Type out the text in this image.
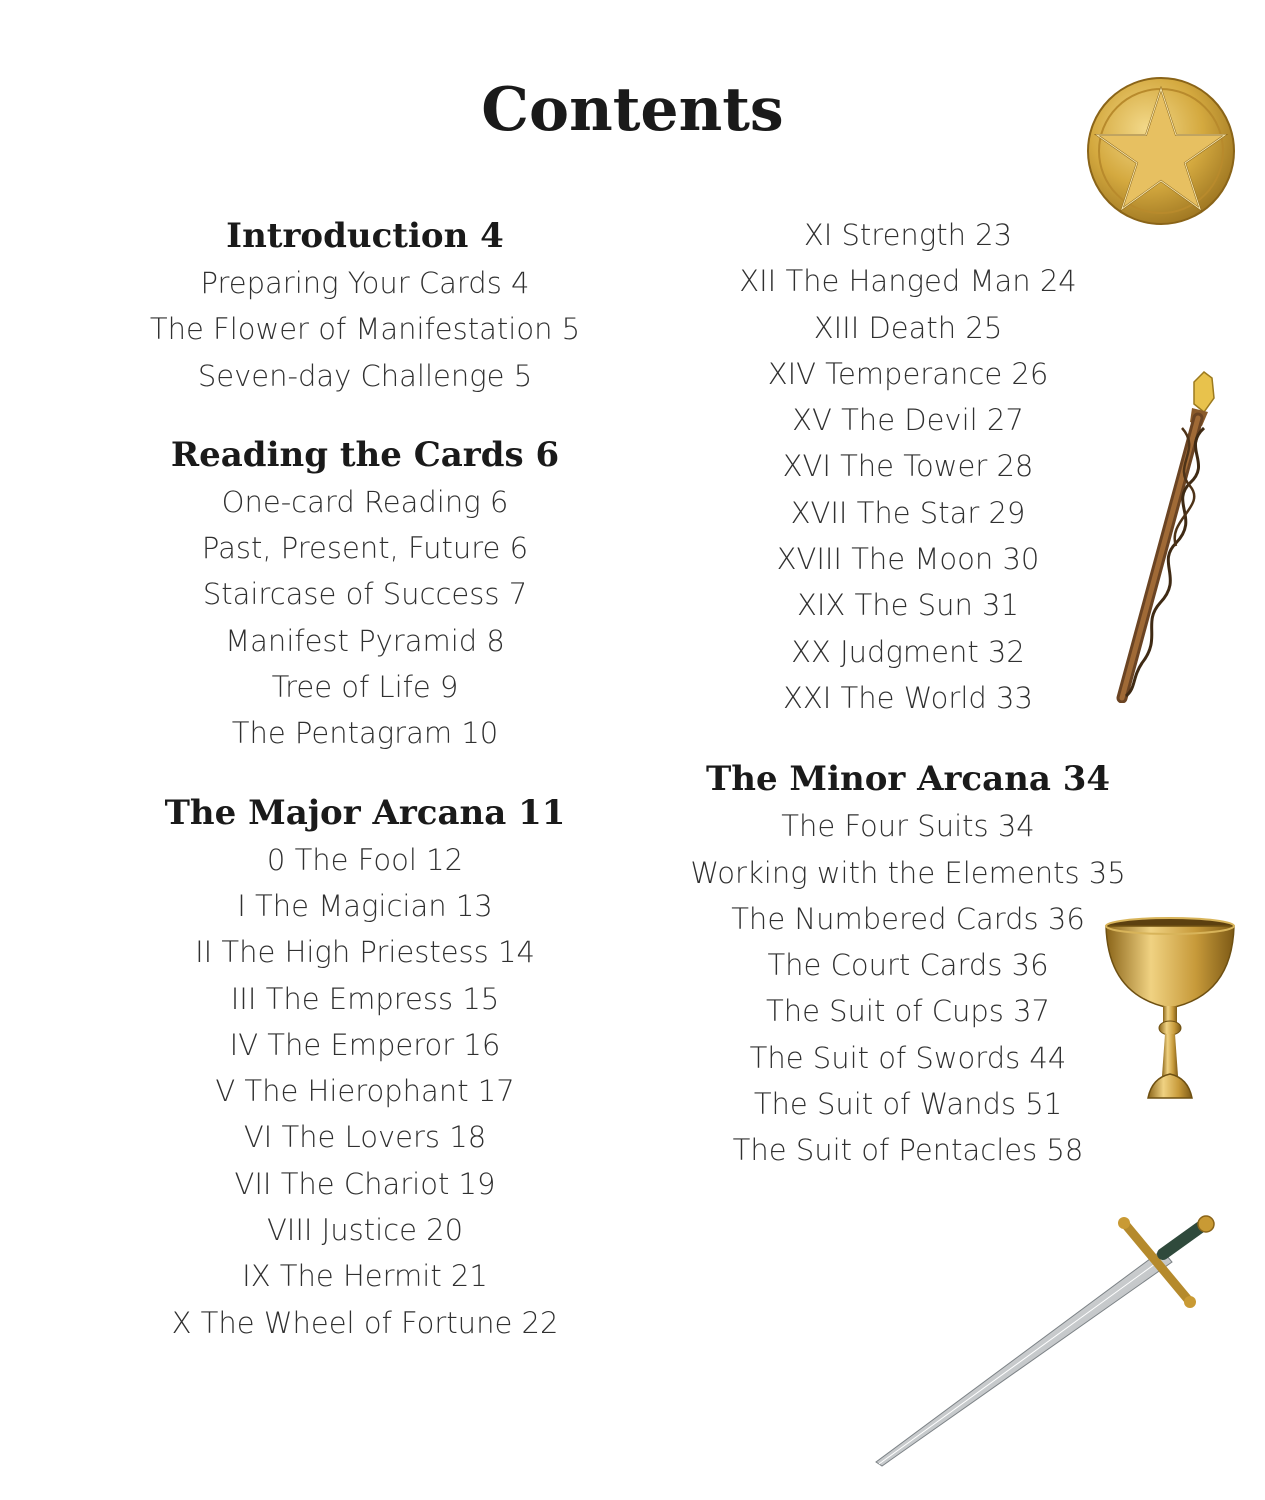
Contents
Introduction 4
Preparing Your Cards 4
The Flower of Manifestation 5
Seven-day Challenge 5
Reading the Cards 6
One-card Reading 6
Past, Present, Future 6
Staircase of Success 7
Manifest Pyramid 8
Tree of Life 9
The Pentagram 10
The Major Arcana 11
0 The Fool 12
I The Magician 13
II The High Priestess 14
III The Empress 15
IV The Emperor 16
V The Hierophant 17
VI The Lovers 18
VII The Chariot 19
VIII Justice 20
IX The Hermit 21
X The Wheel of Fortune 22
XI Strength 23
XII The Hanged Man 24
XIII Death 25
XIV Temperance 26
XV The Devil 27
XVI The Tower 28
XVII The Star 29
XVIII The Moon 30
XIX The Sun 31
XX Judgment 32
XXI The World 33
The Minor Arcana 34
The Four Suits 34
Working with the Elements 35
The Numbered Cards 36
The Court Cards 36
The Suit of Cups 37
The Suit of Swords 44
The Suit of Wands 51
The Suit of Pentacles 58
